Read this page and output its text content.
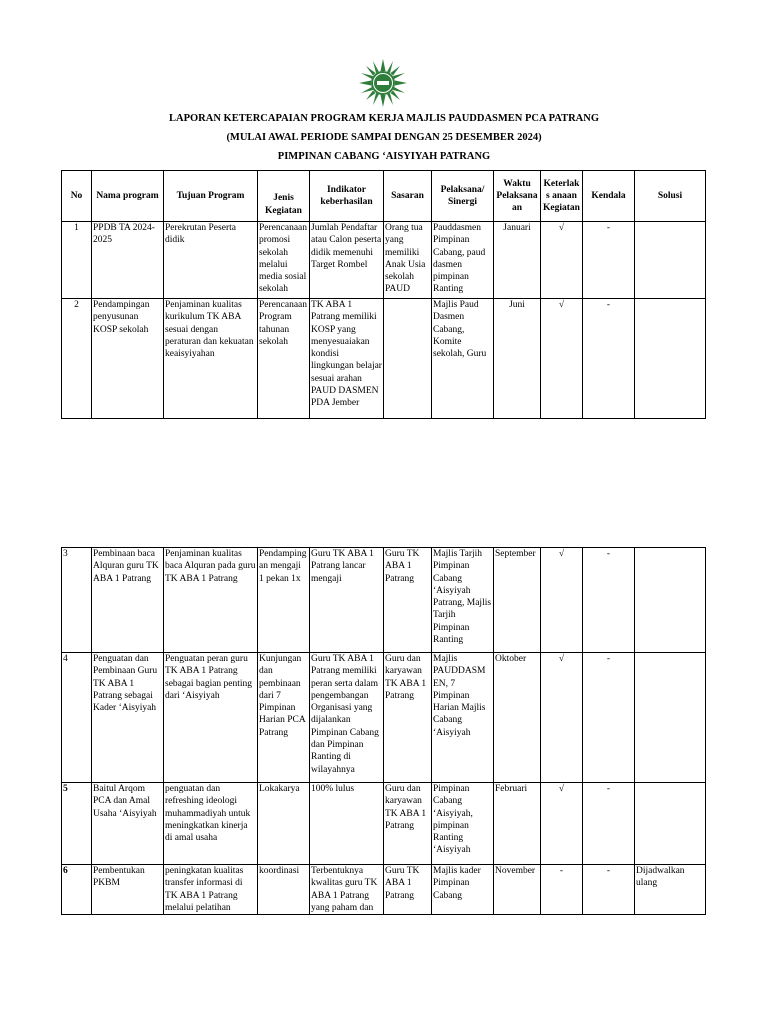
LAPORAN KETERCAPAIAN PROGRAM KERJA MAJLIS PAUDDASMEN PCA PATRANG
(MULAI AWAL PERIODE SAMPAI DENGAN 25 DESEMBER 2024)
PIMPINAN CABANG ‘AISYIYAH PATRANG
No	Nama program	Tujuan Program	Jenis Kegiatan	Indikator keberhasilan	Sasaran	Pelaksana/ Sinergi	Waktu Pelaksana an	Keterlaks anaan Kegiatan	Kendala	Solusi
1	PPDB TA 2024-2025	Perekrutan Peserta didik	Perencanaan promosi sekolah melalui media sosial sekolah	Jumlah Pendaftar atau Calon peserta didik memenuhi Target Rombel	Orang tua yang memiliki Anak Usia sekolah PAUD	Pauddasmen Pimpinan Cabang, paud dasmen pimpinan Ranting	Januari	√	-	
2	Pendampingan penyusunan KOSP sekolah	Penjaminan kualitas kurikulum TK ABA sesuai dengan peraturan dan kekuatan keaisyiyahan	Perencanaan Program tahunan sekolah	TK ABA 1 Patrang memiliki KOSP yang menyesuaiakan kondisi lingkungan belajar sesuai arahan PAUD DASMEN PDA Jember		Majlis Paud Dasmen Cabang, Komite sekolah, Guru	Juni	√	-	
3	Pembinaan baca Alquran guru TK ABA 1 Patrang	Penjaminan kualitas baca Alquran pada guru TK ABA 1 Patrang	Pendamping an mengaji 1 pekan 1x	Guru TK ABA 1 Patrang lancar mengaji	Guru TK ABA 1 Patrang	Majlis Tarjih Pimpinan Cabang ‘Aisyiyah Patrang, Majlis Tarjih Pimpinan Ranting	September	√	-	
4	Penguatan dan Pembinaan Guru TK ABA 1 Patrang sebagai Kader ‘Aisyiyah	Penguatan peran guru TK ABA 1 Patrang sebagai bagian penting dari ‘Aisyiyah	Kunjungan dan pembinaan dari 7 Pimpinan Harian PCA Patrang	Guru TK ABA 1 Patrang memiliki peran serta dalam pengembangan Organisasi yang dijalankan Pimpinan Cabang dan Pimpinan Ranting di wilayahnya	Guru dan karyawan TK ABA 1 Patrang	Majlis PAUDDASM EN, 7 Pimpinan Harian Majlis Cabang ‘Aisyiyah	Oktober	√	-	
5	Baitul Arqom PCA dan Amal Usaha ‘Aisyiyah	penguatan dan refreshing ideologi muhammadiyah untuk meningkatkan kinerja di amal usaha	Lokakarya	100% lulus	Guru dan karyawan TK ABA 1 Patrang	Pimpinan Cabang ‘Aisyiyah, pimpinan Ranting ‘Aisyiyah	Februari	√	-	
6	Pembentukan PKBM	peningkatan kualitas transfer informasi di TK ABA 1 Patrang melalui pelatihan	koordinasi	Terbentuknya kwalitas guru TK ABA 1 Patrang yang paham dan	Guru TK ABA 1 Patrang	Majlis kader Pimpinan Cabang	November	-	-	Dijadwalkan ulang
